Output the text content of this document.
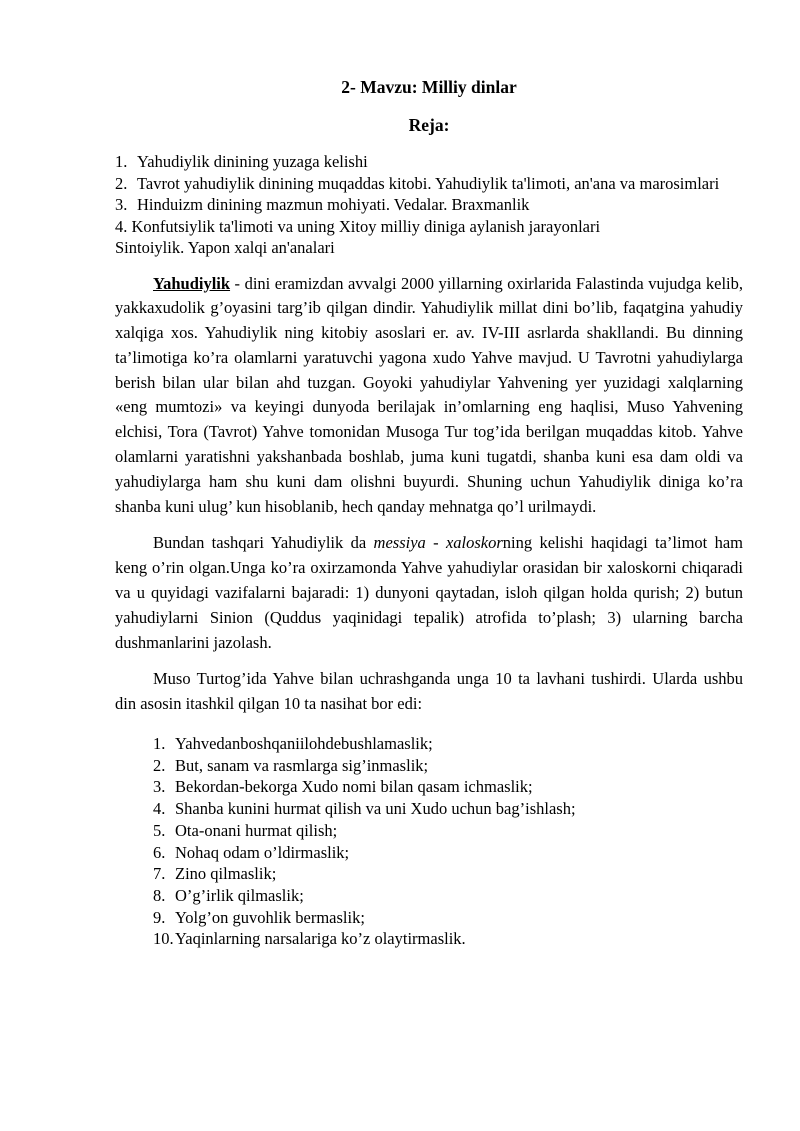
2- Mavzu: Milliy dinlar
Reja:
1. Yahudiylik dinining yuzaga kelishi
2. Tavrot yahudiylik dinining muqaddas kitobi. Yahudiylik ta'limoti, an'ana va marosimlari
3. Hinduizm dinining mazmun mohiyati. Vedalar. Braxmanlik
4. Konfutsiylik ta'limoti va uning Xitoy milliy diniga aylanish jarayonlari
Sintoiylik. Yapon xalqi an'analari

Yahudiylik - dini eramizdan avvalgi 2000 yillarning oxirlarida Falastinda vujudga kelib, yakkaxudolik g’oyasini targ’ib qilgan dindir. Yahudiylik millat dini bo’lib, faqatgina yahudiy xalqiga xos. Yahudiylik ning kitobiy asoslari er. av. IV-III asrlarda shakllandi. Bu dinning ta’limotiga ko’ra olamlarni yaratuvchi yagona xudo Yahve mavjud. U Tavrotni yahudiylarga berish bilan ular bilan ahd tuzgan. Goyoki yahudiylar Yahvening yer yuzidagi xalqlarning «eng mumtozi» va keyingi dunyoda berilajak in’omlarning eng haqlisi, Muso Yahvening elchisi, Tora (Tavrot) Yahve tomonidan Musoga Tur tog’ida berilgan muqaddas kitob. Yahve olamlarni yaratishni yakshanbada boshlab, juma kuni tugatdi, shanba kuni esa dam oldi va yahudiylarga ham shu kuni dam olishni buyurdi. Shuning uchun Yahudiylik diniga ko’ra shanba kuni ulug’ kun hisoblanib, hech qanday mehnatga qo’l urilmaydi.

Bundan tashqari Yahudiylik da messiya - xaloskorning kelishi haqidagi ta’limot ham keng o’rin olgan.Unga ko’ra oxirzamonda Yahve yahudiylar orasidan bir xaloskorni chiqaradi va u quyidagi vazifalarni bajaradi: 1) dunyoni qaytadan, isloh qilgan holda qurish; 2) butun yahudiylarni Sinion (Quddus yaqinidagi tepalik) atrofida to’plash; 3) ularning barcha dushmanlarini jazolash.

Muso Turtog’ida Yahve bilan uchrashganda unga 10 ta lavhani tushirdi. Ularda ushbu din asosin itashkil qilgan 10 ta nasihat bor edi:

1. Yahvedanboshqaniilohdebushlamaslik;
2. But, sanam va rasmlarga sig’inmaslik;
3. Bekordan-bekorga Xudo nomi bilan qasam ichmaslik;
4. Shanba kunini hurmat qilish va uni Xudo uchun bag’ishlash;
5. Ota-onani hurmat qilish;
6. Nohaq odam o’ldirmaslik;
7. Zino qilmaslik;
8. O’g’irlik qilmaslik;
9. Yolg’on guvohlik bermaslik;
10. Yaqinlarning narsalariga ko’z olaytirmaslik.
